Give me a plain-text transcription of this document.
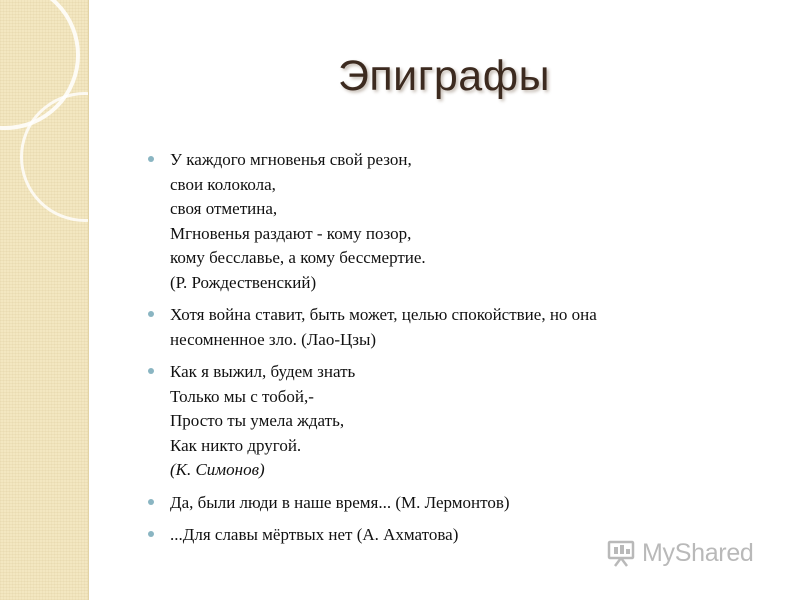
Эпиграфы
У каждого мгновенья свой резон,
свои колокола,
своя отметина,
Мгновенья раздают - кому позор,
кому бесславье, а кому бессмертие.
(Р. Рождественский)
Хотя война ставит, быть может, целью спокойствие, но она
несомненное зло. (Лао-Цзы)
Как я выжил, будем знать
Только мы с тобой,-
Просто ты умела ждать,
Как никто другой.
(К. Симонов)
Да, были люди в наше время... (М. Лермонтов)
...Для славы мёртвых нет (А. Ахматова)
MyShared
